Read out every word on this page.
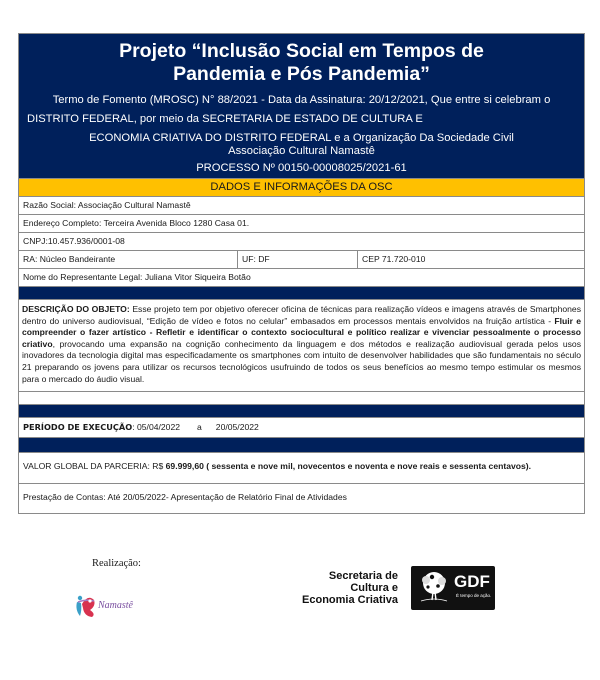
Projeto “Inclusão Social em Tempos de
Pandemia e Pós Pandemia”
Termo de Fomento (MROSC) N° 88/2021 - Data da Assinatura: 20/12/2021, Que entre si celebram o
DISTRITO FEDERAL, por meio da SECRETARIA DE ESTADO DE CULTURA E
ECONOMIA CRIATIVA DO DISTRITO FEDERAL e a Organização Da Sociedade Civil
Associação Cultural Namastê
PROCESSO Nº 00150-00008025/2021-61
DADOS E INFORMAÇÕES DA OSC
Razão Social: Associação Cultural Namastê
Endereço Completo: Terceira Avenida Bloco 1280 Casa 01.
CNPJ:10.457.936/0001-08
RA: Núcleo Bandeirante	UF: DF	CEP 71.720-010
Nome do Representante Legal: Juliana Vitor Siqueira Botão
DESCRIÇÃO DO OBJETO: Esse projeto tem por objetivo oferecer oficina de técnicas para realização vídeos e imagens através de Smartphones dentro do universo audiovisual, “Edição de vídeo e fotos no celular” embasados em processos mentais envolvidos na fruição artística - Fluir e compreender o fazer artístico - Refletir e identificar o contexto sociocultural e político realizar e vivenciar pessoalmente o processo criativo, provocando uma expansão na cognição conhecimento da linguagem e dos métodos e realização audiovisual gerada pelos usos inovadores da tecnologia digital mas especificadamente os smartphones com intuito de desenvolver habilidades que são fundamentais no século 21 preparando os jovens para utilizar os recursos tecnológicos usufruindo de todos os seus benefícios ao mesmo tempo estimular os mesmos para o mercado do áudio visual.
PERÍODO DE EXECUÇÃO: 05/04/2022 a 20/05/2022
VALOR GLOBAL DA PARCERIA: R$ 69.999,60 ( sessenta e nove mil, novecentos e noventa e nove reais e sessenta centavos).
Prestação de Contas: Até 20/05/2022- Apresentação de Relatório Final de Atividades
Realização:
Namastê
Secretaria de
Cultura e
Economia Criativa
GDF
É tempo de ação.
